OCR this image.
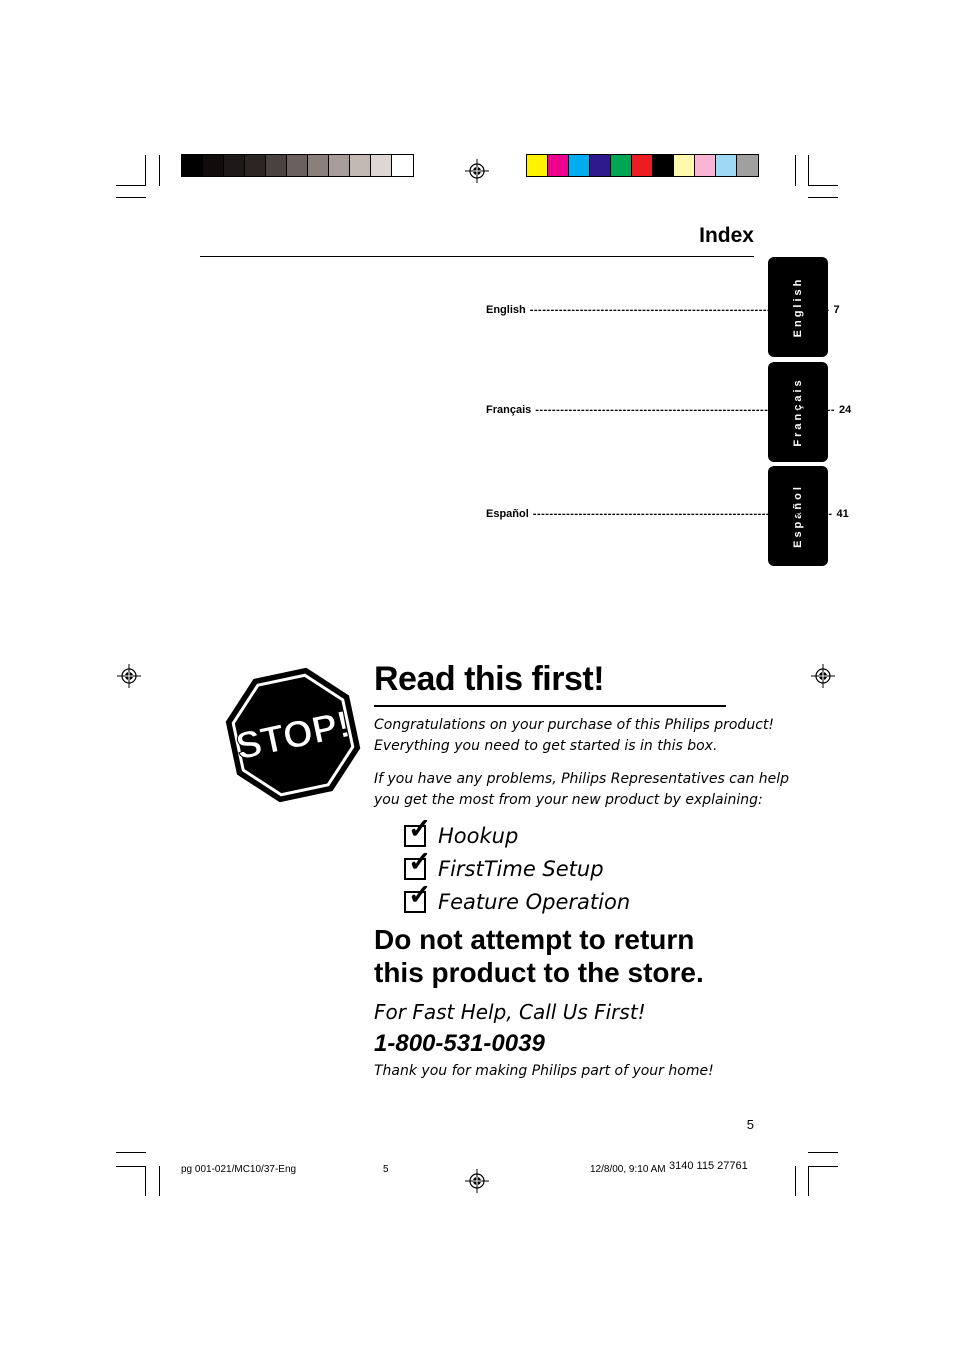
Index
English
Français
Español
English ------------------------------------------------------------------------ 7
Français ------------------------------------------------------------------------ 24
Español ------------------------------------------------------------------------ 41
STOP!
Read this first!
Congratulations on your purchase of this Philips product!
Everything you need to get started is in this box.
If you have any problems, Philips Representatives can help
you get the most from your new product by explaining:
✓ Hookup
✓ FirstTime Setup
✓ Feature Operation
Do not attempt to return
this product to the store.
For Fast Help, Call Us First!
1-800-531-0039
Thank you for making Philips part of your home!
5
pg 001-021/MC10/37-Eng	5	12/8/00, 9:10 AM 3140 115 27761
